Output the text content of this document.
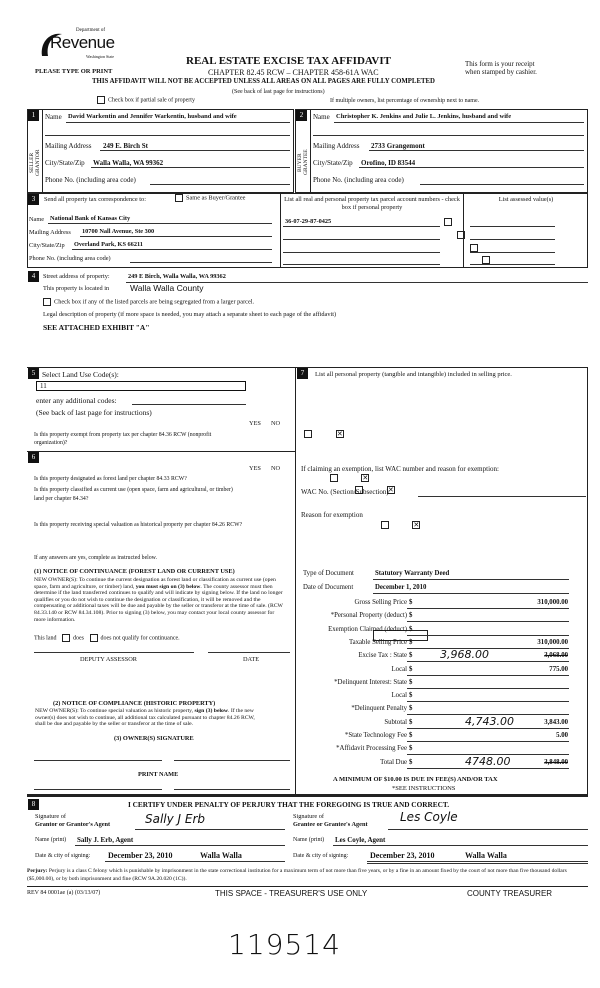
Department of
Revenue
Washington State
PLEASE TYPE OR PRINT
REAL ESTATE EXCISE TAX AFFIDAVIT
CHAPTER 82.45 RCW – CHAPTER 458-61A WAC
This form is your receipt
when stamped by cashier.
THIS AFFIDAVIT WILL NOT BE ACCEPTED UNLESS ALL AREAS ON ALL PAGES ARE FULLY COMPLETED
(See back of last page for instructions)
Check box if partial sale of property	If multiple owners, list percentage of ownership next to name.
1	2
SELLER GRANTOR	BUYER GRANTEE
Name David Warkentin and Jennifer Warkentin, husband and wife
Mailing Address 249 E. Birch St
City/State/Zip Walla Walla, WA 99362
Phone No. (including area code)
Name Christopher K. Jenkins and Julie L. Jenkins, husband and wife
Mailing Address 2733 Grangemont
City/State/Zip Orofino, ID 83544
Phone No. (including area code)
3	Send all property tax correspondence to:	Same as Buyer/Grantee
Name National Bank of Kansas City
Mailing Address 10700 Nall Avenue, Ste 300
City/State/Zip Overland Park, KS 66211
Phone No. (including area code)
List all real and personal property tax parcel account numbers - check box if personal property
List assessed value(s)
36-07-29-87-0425

4	Street address of property:	249 E Birch, Walla Walla, WA 99362
This property is located in Walla Walla County
Check box if any of the listed parcels are being segregated from a larger parcel.
Legal description of property (if more space is needed, you may attach a separate sheet to each page of the affidavit)
SEE ATTACHED EXHIBIT "A"
5 Select Land Use Code(s):
11
enter any additional codes:
(See back of last page for instructions)
YES NO
Is this property exempt from property tax per chapter 84.36 RCW (nonprofit organization)?
✕
6
YES NO
Is this property designated as forest land per chapter 84.33 RCW?	✕
Is this property classified as current use (open space, farm and agricultural, or timber) land per chapter 84.34?
✕
Is this property receiving special valuation as historical property per chapter 84.26 RCW?	✕
If any answers are yes, complete as instructed below.
(1) NOTICE OF CONTINUANCE (FOREST LAND OR CURRENT USE)
NEW OWNER(S): To continue the current designation as forest land or classification as current use (open space, farm and agriculture, or timber) land, you must sign on (3) below. The county assessor must then determine if the land transferred continues to qualify and will indicate by signing below. If the land no longer qualifies or you do not wish to continue the designation or classification, it will be removed and the compensating or additional taxes will be due and payable by the seller or transferor at the time of sale. (RCW 84.33.140 or RCW 84.34.108). Prior to signing (3) below, you may contact your local county assessor for more information.
This land	does	does not qualify for continuance.
DEPUTY ASSESSOR	DATE
(2) NOTICE OF COMPLIANCE (HISTORIC PROPERTY)
NEW OWNER(S): To continue special valuation as historic property, sign (3) below. If the new owner(s) does not wish to continue, all additional tax calculated pursuant to chapter 84.26 RCW, shall be due and payable by the seller or transferor at the time of sale.
(3) OWNER(S) SIGNATURE
PRINT NAME
7	List all personal property (tangible and intangible) included in selling price.
If claiming an exemption, list WAC number and reason for exemption:
WAC No. (Section/Subsection)
Reason for exemption
Type of Document	Statutory Warranty Deed
Date of Document	December 1, 2010
Gross Selling Price $	310,000.00
*Personal Property (deduct) $
Exemption Claimed (deduct) $
Taxable Selling Price $	310,000.00
Excise Tax : State $	3,968.00	3,068.00
Local $	775.00
*Delinquent Interest: State $
Local $
*Delinquent Penalty $
Subtotal $	4,743.00	3,843.00
*State Technology Fee $	5.00
*Affidavit Processing Fee $
Total Due $	4748.00	3,848.00
A MINIMUM OF $10.00 IS DUE IN FEE(S) AND/OR TAX
*SEE INSTRUCTIONS
8	I CERTIFY UNDER PENALTY OF PERJURY THAT THE FOREGOING IS TRUE AND CORRECT.
Signature of
Grantor or Grantor's Agent	Sally J Erb	Signature of
Grantee or Grantee's Agent
Les Coyle
Name (print) Sally J. Erb, Agent	Name (print) Les Coyle, Agent
Date & city of signing: December 23, 2010	Walla Walla	Date & city of signing:	December 23, 2010	Walla Walla
Perjury: Perjury is a class C felony which is punishable by imprisonment in the state correctional institution for a maximum term of not more than five years, or by a fine in an amount fixed by the court of not more than five thousand dollars ($5,000.00), or by both imprisonment and fine (RCW 9A.20.020 (1C)).
REV 84 0001ae (a) (03/13/07)	THIS SPACE - TREASURER'S USE ONLY	COUNTY TREASURER
119514
